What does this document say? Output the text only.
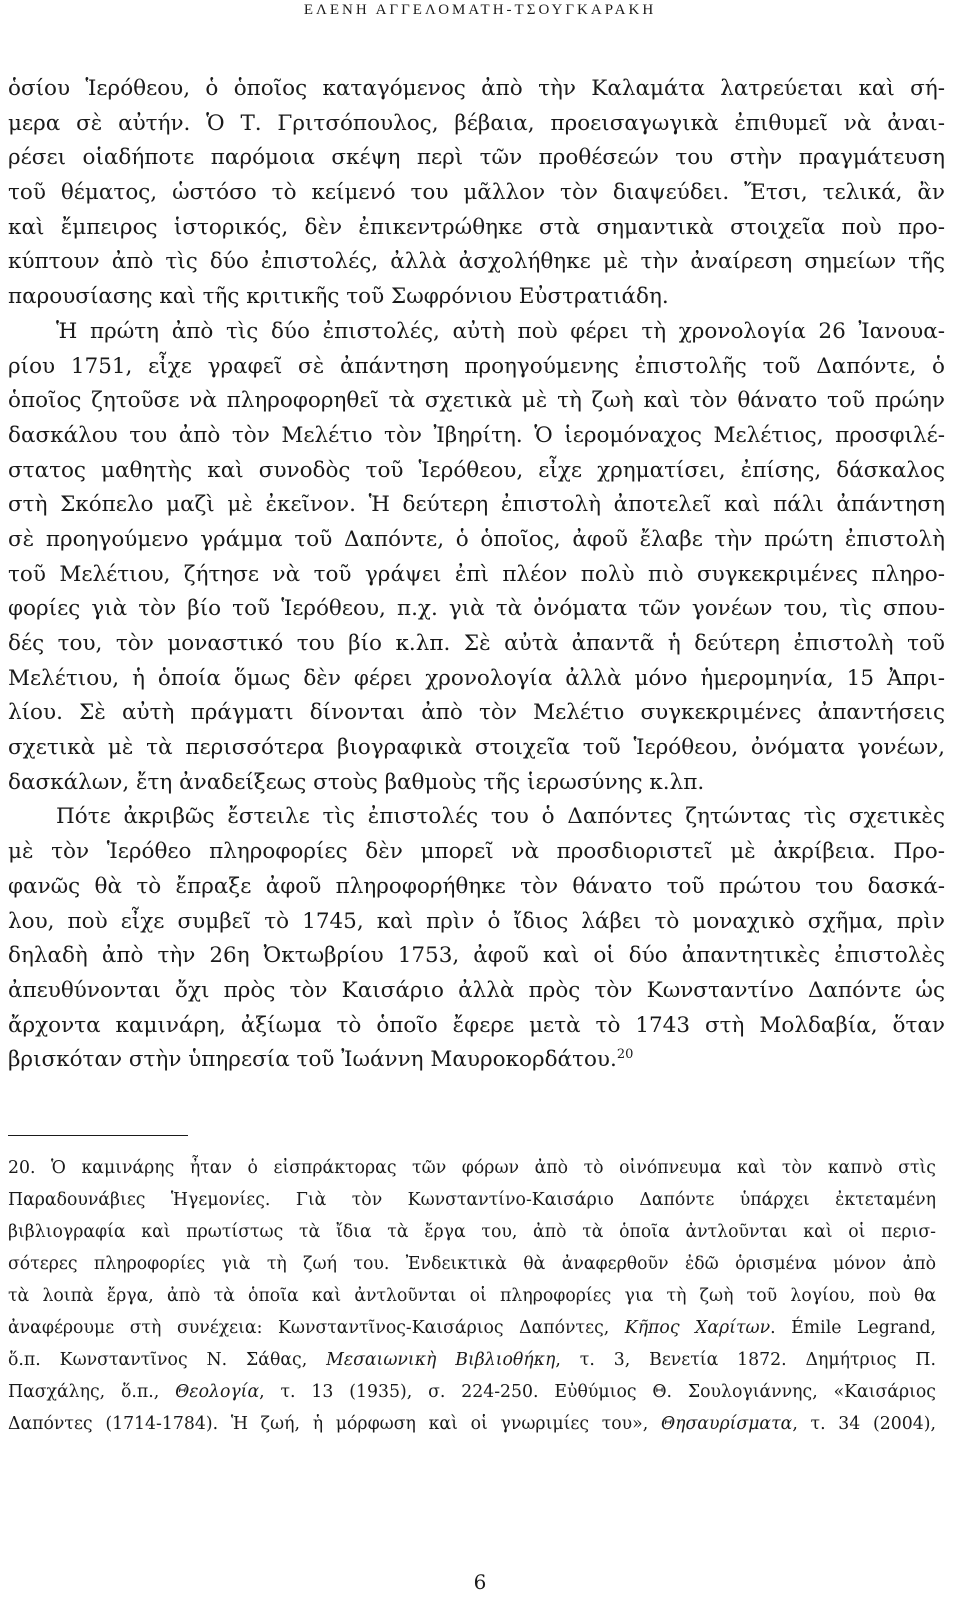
ΕΛΕΝΗ ΑΓΓΕΛΟΜΑΤΗ-ΤΣΟΥΓΚΑΡΑΚΗ
ὁσίου Ἱερόθεου, ὁ ὁποῖος καταγόμενος ἀπὸ τὴν Καλαμάτα λατρεύεται καὶ σή-
μερα σὲ αὐτήν. Ὁ Τ. Γριτσόπουλος, βέβαια, προεισαγωγικὰ ἐπιθυμεῖ νὰ ἀναι-
ρέσει οἱαδήποτε παρόμοια σκέψη περὶ τῶν προθέσεών του στὴν πραγμάτευση
τοῦ θέματος, ὡστόσο τὸ κείμενό του μᾶλλον τὸν διαψεύδει. Ἔτσι, τελικά, ἂν
καὶ ἔμπειρος ἱστορικός, δὲν ἐπικεντρώθηκε στὰ σημαντικὰ στοιχεῖα ποὺ προ-
κύπτουν ἀπὸ τὶς δύο ἐπιστολές, ἀλλὰ ἀσχολήθηκε μὲ τὴν ἀναίρεση σημείων τῆς
παρουσίασης καὶ τῆς κριτικῆς τοῦ Σωφρόνιου Εὐστρατιάδη.
Ἡ πρώτη ἀπὸ τὶς δύο ἐπιστολές, αὐτὴ ποὺ φέρει τὴ χρονολογία 26 Ἰανουα-
ρίου 1751, εἶχε γραφεῖ σὲ ἀπάντηση προηγούμενης ἐπιστολῆς τοῦ Δαπόντε, ὁ
ὁποῖος ζητοῦσε νὰ πληροφορηθεῖ τὰ σχετικὰ μὲ τὴ ζωὴ καὶ τὸν θάνατο τοῦ πρώην
δασκάλου του ἀπὸ τὸν Μελέτιο τὸν Ἰβηρίτη. Ὁ ἱερομόναχος Μελέτιος, προσφιλέ-
στατος μαθητὴς καὶ συνοδὸς τοῦ Ἱερόθεου, εἶχε χρηματίσει, ἐπίσης, δάσκαλος
στὴ Σκόπελο μαζὶ μὲ ἐκεῖνον. Ἡ δεύτερη ἐπιστολὴ ἀποτελεῖ καὶ πάλι ἀπάντηση
σὲ προηγούμενο γράμμα τοῦ Δαπόντε, ὁ ὁποῖος, ἀφοῦ ἔλαβε τὴν πρώτη ἐπιστολὴ
τοῦ Μελέτιου, ζήτησε νὰ τοῦ γράψει ἐπὶ πλέον πολὺ πιὸ συγκεκριμένες πληρο-
φορίες γιὰ τὸν βίο τοῦ Ἱερόθεου, π.χ. γιὰ τὰ ὀνόματα τῶν γονέων του, τὶς σπου-
δές του, τὸν μοναστικό του βίο κ.λπ. Σὲ αὐτὰ ἀπαντᾶ ἡ δεύτερη ἐπιστολὴ τοῦ
Μελέτιου, ἡ ὁποία ὅμως δὲν φέρει χρονολογία ἀλλὰ μόνο ἡμερομηνία, 15 Ἀπρι-
λίου. Σὲ αὐτὴ πράγματι δίνονται ἀπὸ τὸν Μελέτιο συγκεκριμένες ἀπαντήσεις
σχετικὰ μὲ τὰ περισσότερα βιογραφικὰ στοιχεῖα τοῦ Ἱερόθεου, ὀνόματα γονέων,
δασκάλων, ἔτη ἀναδείξεως στοὺς βαθμοὺς τῆς ἱερωσύνης κ.λπ.
Πότε ἀκριβῶς ἔστειλε τὶς ἐπιστολές του ὁ Δαπόντες ζητώντας τὶς σχετικὲς
μὲ τὸν Ἱερόθεο πληροφορίες δὲν μπορεῖ νὰ προσδιοριστεῖ μὲ ἀκρίβεια. Προ-
φανῶς θὰ τὸ ἔπραξε ἀφοῦ πληροφορήθηκε τὸν θάνατο τοῦ πρώτου του δασκά-
λου, ποὺ εἶχε συμβεῖ τὸ 1745, καὶ πρὶν ὁ ἴδιος λάβει τὸ μοναχικὸ σχῆμα, πρὶν
δηλαδὴ ἀπὸ τὴν 26η Ὀκτωβρίου 1753, ἀφοῦ καὶ οἱ δύο ἀπαντητικὲς ἐπιστολὲς
ἀπευθύνονται ὄχι πρὸς τὸν Καισάριο ἀλλὰ πρὸς τὸν Κωνσταντίνο Δαπόντε ὡς
ἄρχοντα καμινάρη, ἀξίωμα τὸ ὁποῖο ἔφερε μετὰ τὸ 1743 στὴ Μολδαβία, ὅταν
βρισκόταν στὴν ὑπηρεσία τοῦ Ἰωάννη Μαυροκορδάτου.$^{20}$
20. Ὁ καμινάρης ἦταν ὁ εἰσπράκτορας τῶν φόρων ἀπὸ τὸ οἰνόπνευμα καὶ τὸν καπνὸ στὶς
Παραδουνάβιες Ἡγεμονίες. Γιὰ τὸν Κωνσταντίνο-Καισάριο Δαπόντε ὑπάρχει ἐκτεταμένη
βιβλιογραφία καὶ πρωτίστως τὰ ἴδια τὰ ἔργα του, ἀπὸ τὰ ὁποῖα ἀντλοῦνται καὶ οἱ περισ-
σότερες πληροφορίες γιὰ τὴ ζωή του. Ἐνδεικτικὰ θὰ ἀναφερθοῦν ἐδῶ ὁρισμένα μόνον ἀπὸ
τὰ λοιπὰ ἔργα, ἀπὸ τὰ ὁποῖα καὶ ἀντλοῦνται οἱ πληροφορίες για τὴ ζωὴ τοῦ λογίου, ποὺ θα
ἀναφέρουμε στὴ συνέχεια: Κωνσταντῖνος-Καισάριος Δαπόντες, Κῆπος Χαρίτων. Émile Legrand,
ὅ.π. Κωνσταντῖνος Ν. Σάθας, Μεσαιωνικὴ Βιβλιοθήκη, τ. 3, Βενετία 1872. Δημήτριος Π.
Πασχάλης, ὅ.π., Θεολογία, τ. 13 (1935), σ. 224-250. Εὐθύμιος Θ. Σουλογιάννης, «Καισάριος
Δαπόντες (1714-1784). Ἡ ζωή, ἡ μόρφωση καὶ οἱ γνωριμίες του», Θησαυρίσματα, τ. 34 (2004),
6
